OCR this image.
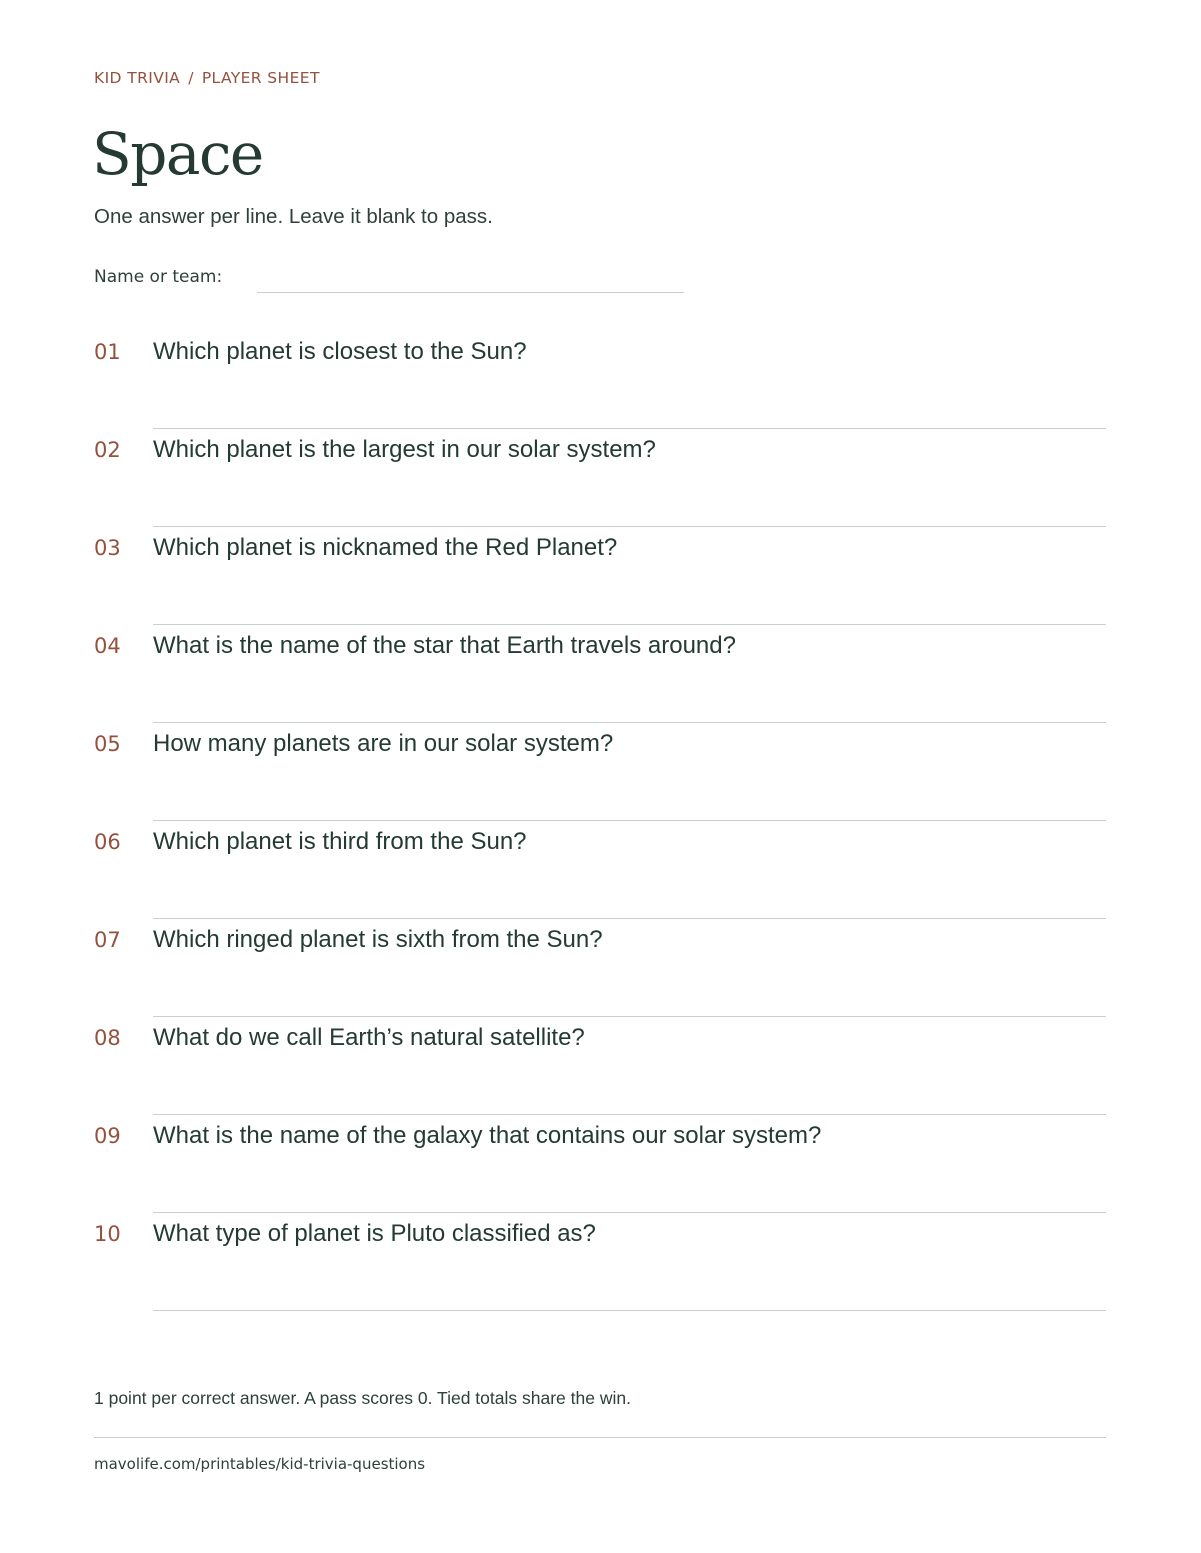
KID TRIVIA / PLAYER SHEET
Space
One answer per line. Leave it blank to pass.
Name or team:
01 Which planet is closest to the Sun?
02 Which planet is the largest in our solar system?
03 Which planet is nicknamed the Red Planet?
04 What is the name of the star that Earth travels around?
05 How many planets are in our solar system?
06 Which planet is third from the Sun?
07 Which ringed planet is sixth from the Sun?
08 What do we call Earth’s natural satellite?
09 What is the name of the galaxy that contains our solar system?
10 What type of planet is Pluto classified as?
1 point per correct answer. A pass scores 0. Tied totals share the win.
mavolife.com/printables/kid-trivia-questions
